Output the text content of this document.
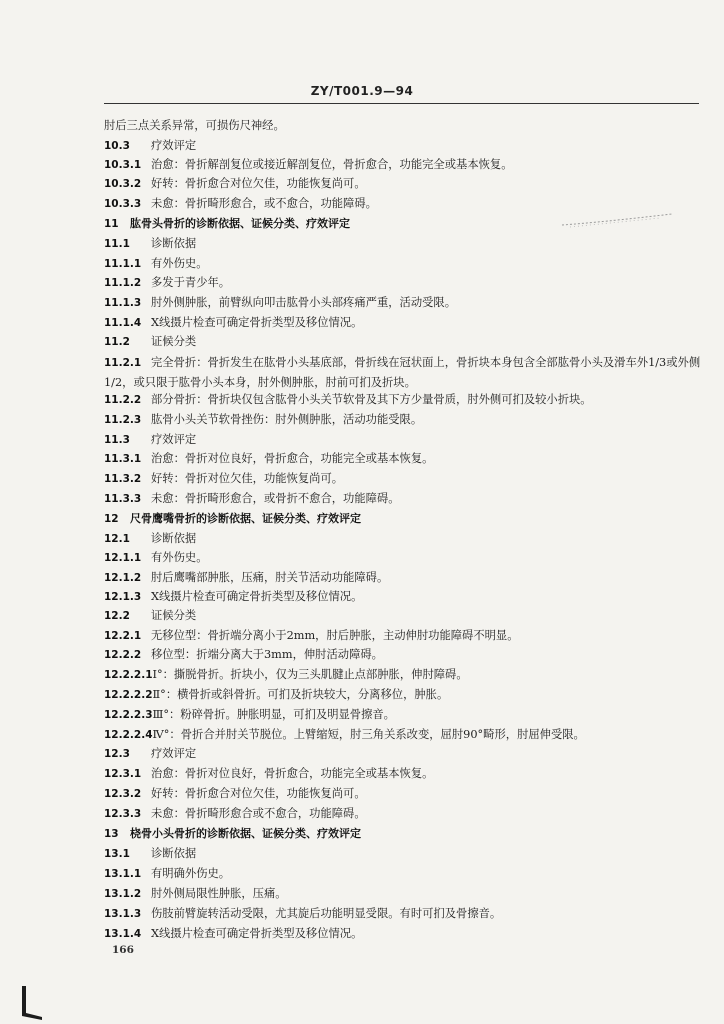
ZY/T001.9—94
肘后三点关系异常，可损伤尺神经。
10.3 疗效评定
10.3.1 治愈：骨折解剖复位或接近解剖复位，骨折愈合，功能完全或基本恢复。
10.3.2 好转：骨折愈合对位欠佳，功能恢复尚可。
10.3.3 未愈：骨折畸形愈合，或不愈合，功能障碍。
11 肱骨头骨折的诊断依据、证候分类、疗效评定
11.1 诊断依据
11.1.1 有外伤史。
11.1.2 多发于青少年。
11.1.3 肘外侧肿胀，前臂纵向叩击肱骨小头部疼痛严重，活动受限。
11.1.4 X线摄片检查可确定骨折类型及移位情况。
11.2 证候分类
11.2.1 完全骨折：骨折发生在肱骨小头基底部，骨折线在冠状面上，骨折块本身包含全部肱骨小头及滑车外1/3或外侧1/2，或只限于肱骨小头本身，肘外侧肿胀，肘前可扪及折块。
11.2.2 部分骨折：骨折块仅包含肱骨小头关节软骨及其下方少量骨质，肘外侧可扪及较小折块。
11.2.3 肱骨小头关节软骨挫伤：肘外侧肿胀，活动功能受限。
11.3 疗效评定
11.3.1 治愈：骨折对位良好，骨折愈合，功能完全或基本恢复。
11.3.2 好转：骨折对位欠佳，功能恢复尚可。
11.3.3 未愈：骨折畸形愈合，或骨折不愈合，功能障碍。
12 尺骨鹰嘴骨折的诊断依据、证候分类、疗效评定
12.1 诊断依据
12.1.1 有外伤史。
12.1.2 肘后鹰嘴部肿胀，压痛，肘关节活动功能障碍。
12.1.3 X线摄片检查可确定骨折类型及移位情况。
12.2 证候分类
12.2.1 无移位型：骨折端分离小于2mm，肘后肿胀，主动伸肘功能障碍不明显。
12.2.2 移位型：折端分离大于3mm，伸肘活动障碍。
12.2.2.1Ⅰ°：撕脱骨折。折块小，仅为三头肌腱止点部肿胀，伸肘障碍。
12.2.2.2Ⅱ°：横骨折或斜骨折。可扪及折块较大，分离移位，肿胀。
12.2.2.3Ⅲ°：粉碎骨折。肿胀明显，可扪及明显骨擦音。
12.2.2.4Ⅳ°：骨折合并肘关节脱位。上臂缩短，肘三角关系改变，屈肘90°畸形，肘屈伸受限。
12.3 疗效评定
12.3.1 治愈：骨折对位良好，骨折愈合，功能完全或基本恢复。
12.3.2 好转：骨折愈合对位欠佳，功能恢复尚可。
12.3.3 未愈：骨折畸形愈合或不愈合，功能障碍。
13 桡骨小头骨折的诊断依据、证候分类、疗效评定
13.1 诊断依据
13.1.1 有明确外伤史。
13.1.2 肘外侧局限性肿胀，压痛。
13.1.3 伤肢前臂旋转活动受限，尤其旋后功能明显受限。有时可扪及骨擦音。
13.1.4 X线摄片检查可确定骨折类型及移位情况。
166
